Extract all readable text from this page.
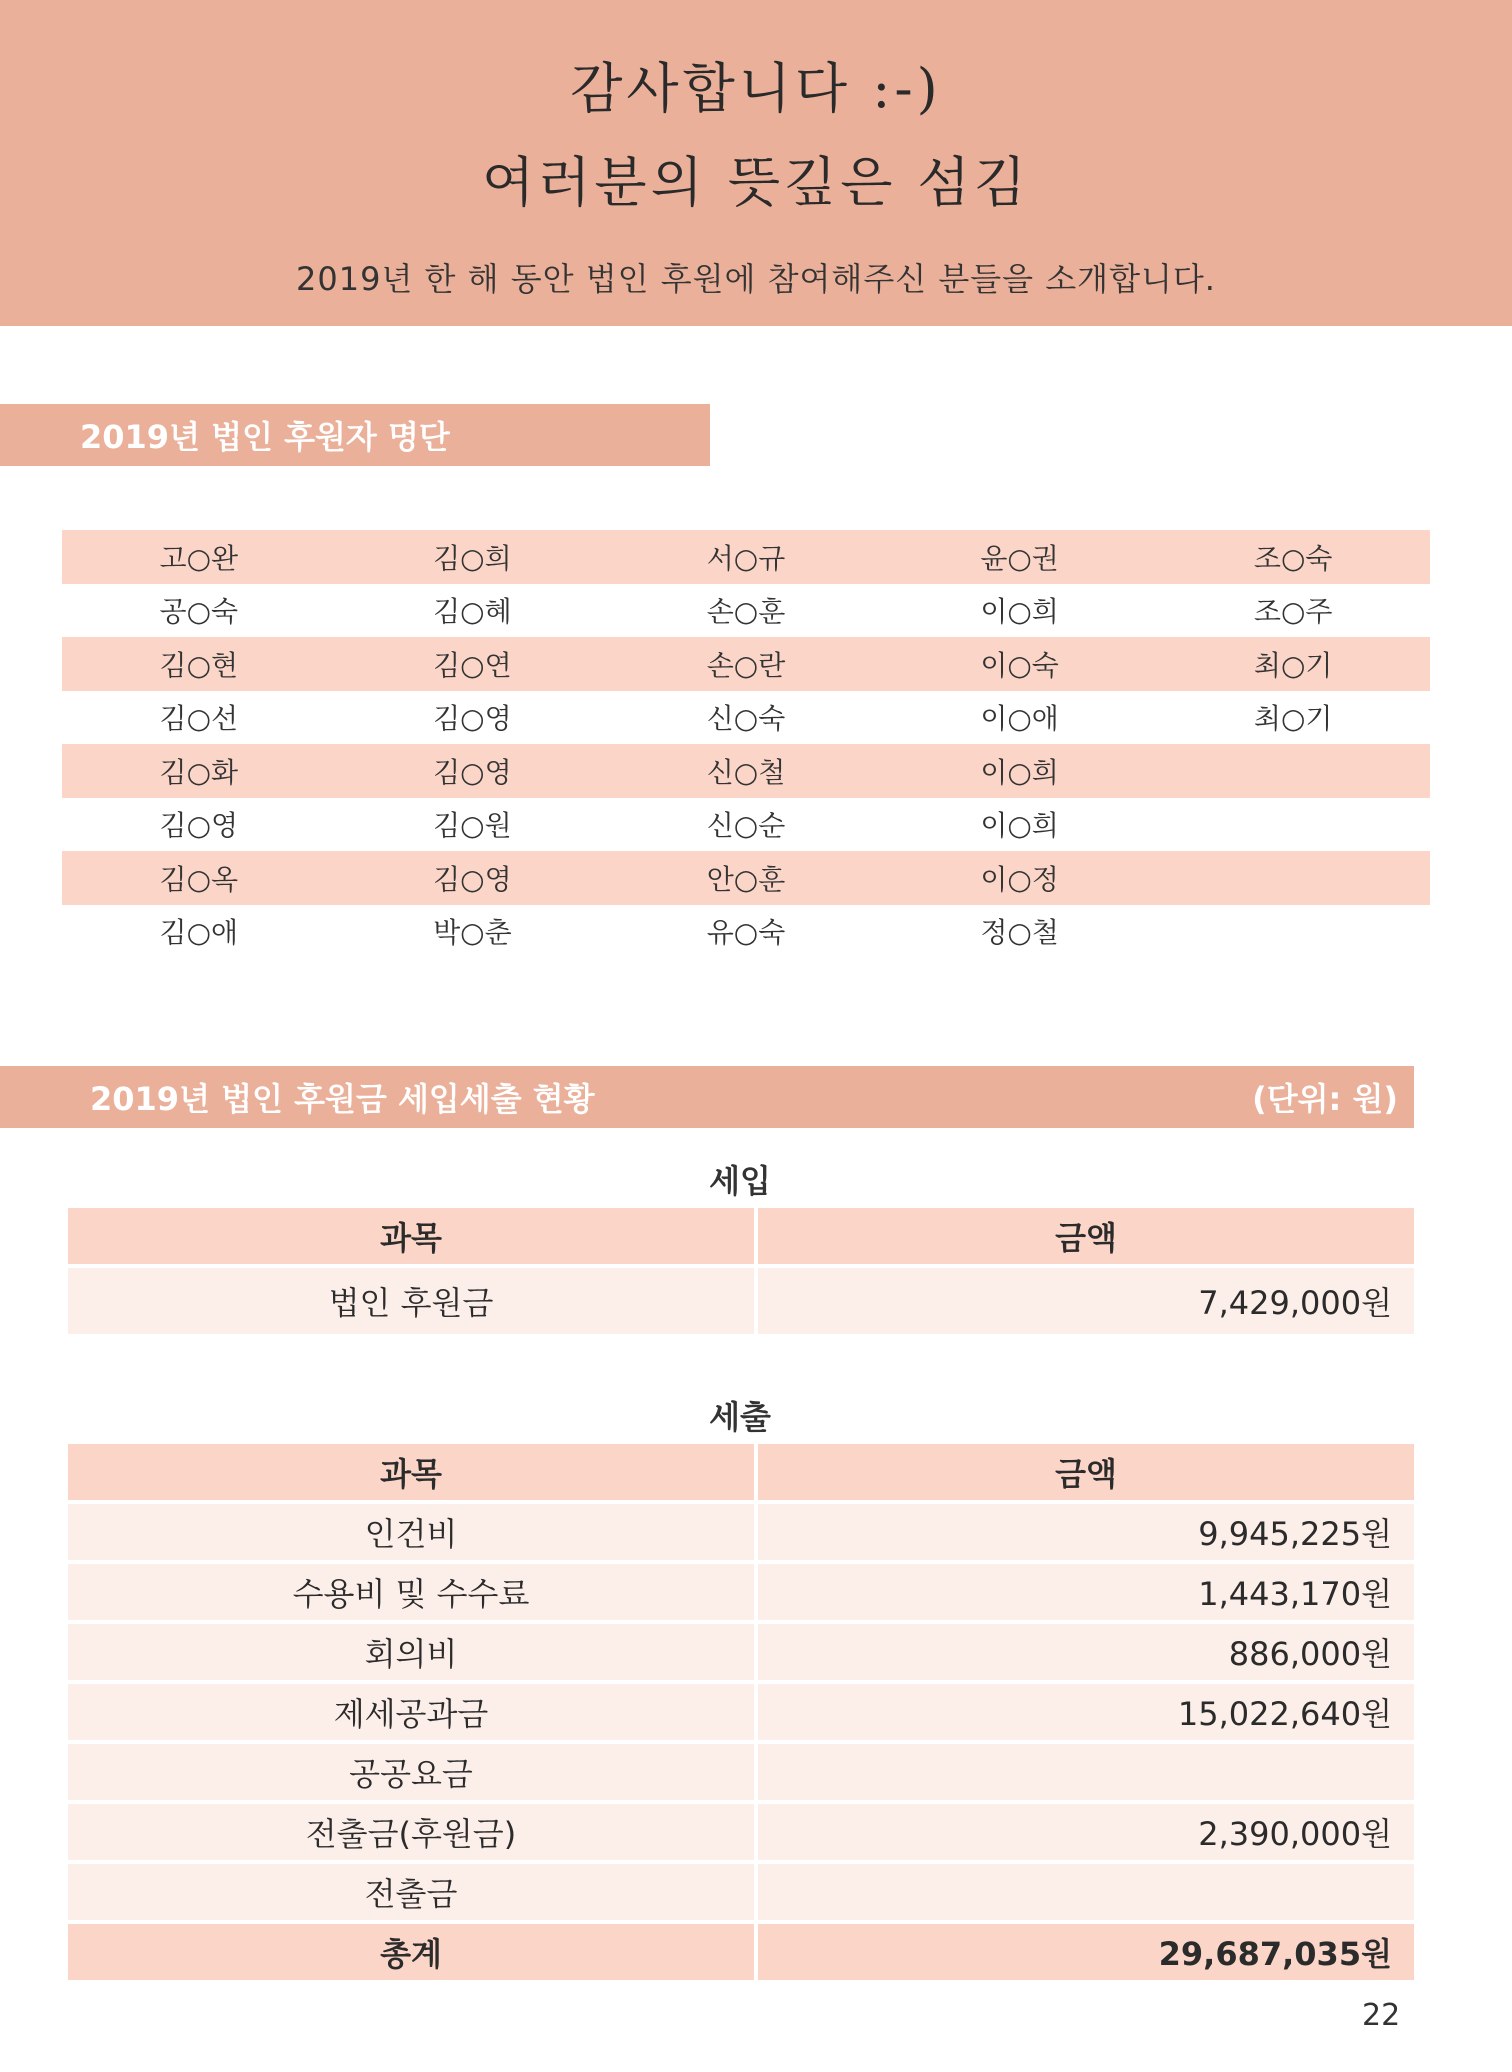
감사합니다 :-)
여러분의 뜻깊은 섬김
2019년 한 해 동안 법인 후원에 참여해주신 분들을 소개합니다.
2019년 법인 후원자 명단
고○완	김○희	서○규	윤○권	조○숙
공○숙	김○혜	손○훈	이○희	조○주
김○현	김○연	손○란	이○숙	최○기
김○선	김○영	신○숙	이○애	최○기
김○화	김○영	신○철	이○희
김○영	김○원	신○순	이○희
김○옥	김○영	안○훈	이○정
김○애	박○춘	유○숙	정○철
2019년 법인 후원금 세입세출 현황	(단위: 원)
세입
과목	금액
법인 후원금	7,429,000원
세출
과목	금액
인건비	9,945,225원
수용비 및 수수료	1,443,170원
회의비	886,000원
제세공과금	15,022,640원
공공요금
전출금(후원금)	2,390,000원
전출금
총계	29,687,035원
22
